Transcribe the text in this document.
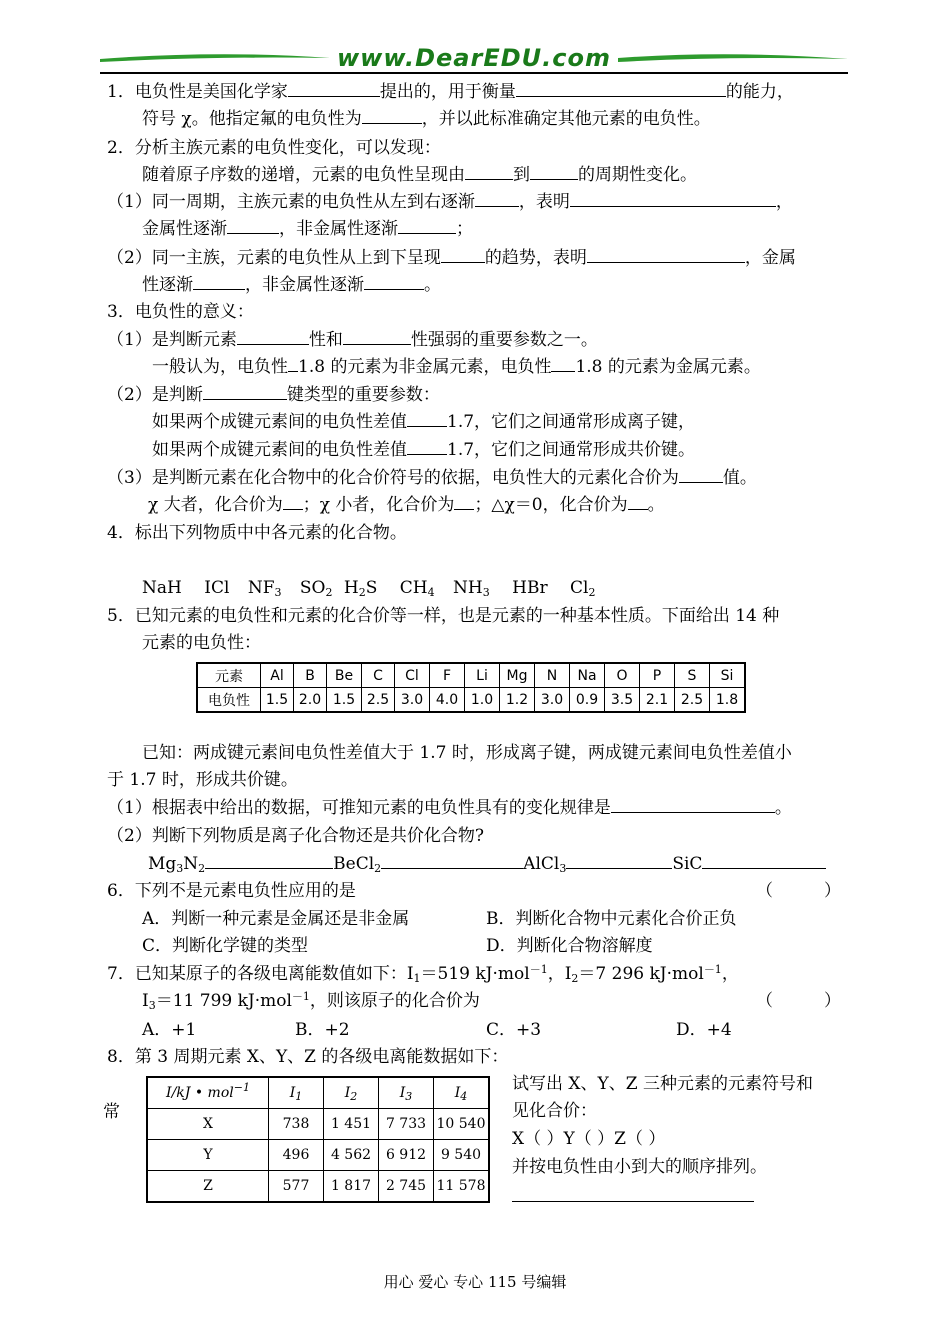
www.DearEDU.com
1．电负性是美国化学家	提出的，用于衡量	的能力，
符号 χ。他指定氟的电负性为	，并以此标准确定其他元素的电负性。
2．分析主族元素的电负性变化，可以发现：
随着原子序数的递增，元素的电负性呈现由	到	的周期性变化。
（1）同一周期，主族元素的电负性从左到右逐渐	，表明	，
金属性逐渐	，非金属性逐渐	；
（2）同一主族，元素的电负性从上到下呈现	的趋势，表明	，金属
性逐渐	，非金属性逐渐	。
3．电负性的意义：
（1）是判断元素	性和	性强弱的重要参数之一。
一般认为，电负性 1.8 的元素为非金属元素，电负性 1.8 的元素为金属元素。
（2）是判断	键类型的重要参数：
如果两个成键元素间的电负性差值 1.7，它们之间通常形成离子键，
如果两个成键元素间的电负性差值 1.7，它们之间通常形成共价键。
（3）是判断元素在化合物中的化合价符号的依据，电负性大的元素化合价为	值。
χ 大者，化合价为 ；χ 小者，化合价为 ；△χ＝0，化合价为 。
4．标出下列物质中中各元素的化合物。
NaH ICl $NF_3$ $SO_2$ $H_2S$ $CH_4$ $NH_3$ HBr $Cl_2$
5．已知元素的电负性和元素的化合价等一样，也是元素的一种基本性质。下面给出 14 种
元素的电负性：
元素	Al	B	Be	C	Cl	F	Li	Mg	N	Na	O	P	S	Si
电负性	1.5	2.0	1.5	2.5	3.0	4.0	1.0	1.2	3.0	0.9	3.5	2.1	2.5	1.8
已知：两成键元素间电负性差值大于 1.7 时，形成离子键，两成键元素间电负性差值小
于 1.7 时，形成共价键。
（1）根据表中给出的数据，可推知元素的电负性具有的变化规律是	。
（2）判断下列物质是离子化合物还是共价化合物?
$Mg_3N_2$	BeCl$_2$	AlCl$_3$	SiC
6．下列不是元素电负性应用的是	（　　　）
A．判断一种元素是金属还是非金属	B．判断化合物中元素化合价正负
C．判断化学键的类型	D．判断化合物溶解度
7．已知某原子的各级电离能数值如下：$I_1=519$ kJ·mol$^{-1}$，$I_2=7$ 296 kJ·mol$^{-1}$，
$I_3=11$ 799 kJ·mol$^{-1}$，则该原子的化合价为	（　　　）
A．+1	B．+2	C．+3	D．+4
8．第 3 周期元素 X、Y、Z 的各级电离能数据如下：
常
I/kJ • mol$^{-1}$	$I_1$	$I_2$	$I_3$	$I_4$
X	738	1 451	7 733	10 540
Y	496	4 562	6 912	9 540
Z	577	1 817	2 745	11 578
试写出 X、Y、Z 三种元素的元素符号和
见化合价：
X（ ）Y（ ）Z（ ）
并按电负性由小到大的顺序排列。
用心 爱心 专心 115 号编辑
